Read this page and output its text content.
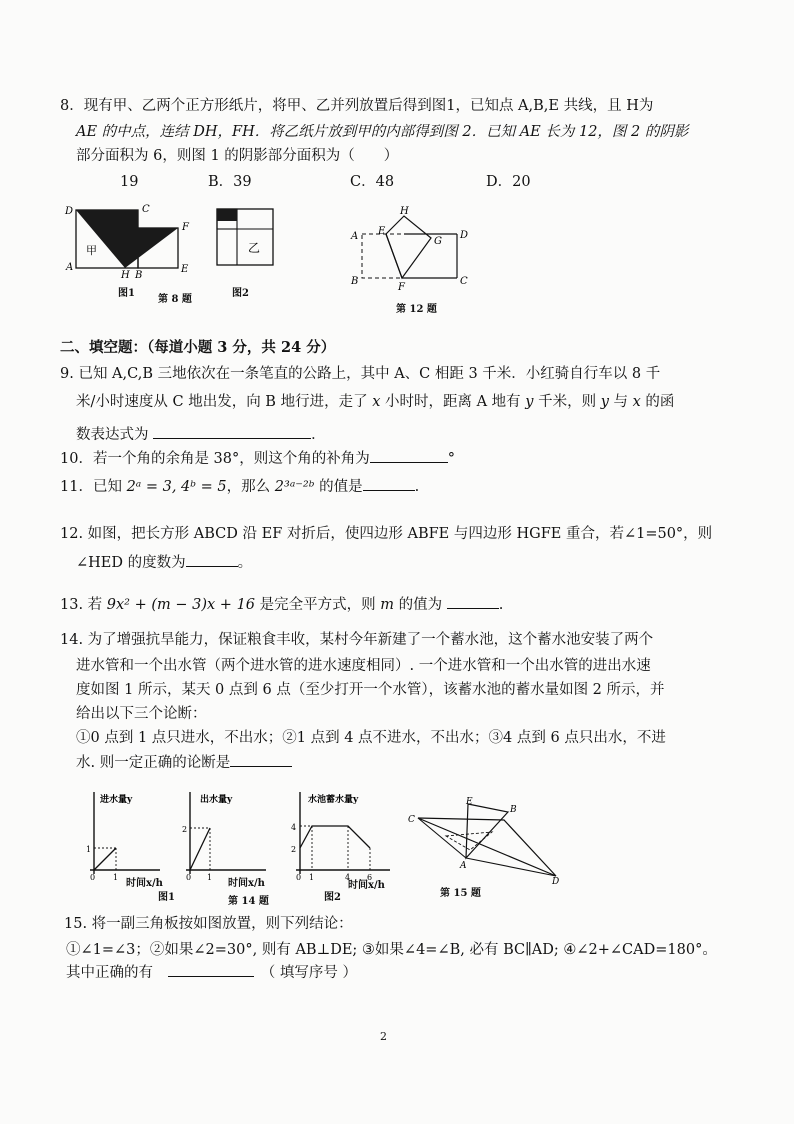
8．现有甲、乙两个正方形纸片，将甲、乙并列放置后得到图1，已知点 A,B,E 共线，且 H为
AE 的中点，连结 DH，FH．将乙纸片放到甲的内部得到图 2．已知 AE 长为 12，图 2 的阴影
部分面积为 6，则图 1 的阴影部分面积为（　　）
19	B．39	C．48	D．20
D	C
F
A
H B
E
甲
图1
第 8 题
乙
图2
H
E
A	G
D
B
F
C
第 12 题
二、填空题：（每道小题 3 分，共 24 分）
9. 已知 A,C,B 三地依次在一条笔直的公路上，其中 A、C 相距 3 千米．小红骑自行车以 8 千
米/小时速度从 C 地出发，向 B 地行进，走了 x 小时时，距离 A 地有 y 千米，则 y 与 x 的函
数表达式为	．
10．若一个角的余角是 38°，则这个角的补角为	°
11．已知 2ᵃ = 3, 4ᵇ = 5，那么 2³ᵃ⁻²ᵇ 的值是	.
12. 如图，把长方形 ABCD 沿 EF 对折后，使四边形 ABFE 与四边形 HGFE 重合，若∠1=50°，则
∠HED 的度数为	。
13. 若 9x² + (m − 3)x + 16 是完全平方式，则 m 的值为	.
14. 为了增强抗旱能力，保证粮食丰收，某村今年新建了一个蓄水池，这个蓄水池安装了两个
进水管和一个出水管（两个进水管的进水速度相同）. 一个进水管和一个出水管的进出水速
度如图 1 所示，某天 0 点到 6 点（至少打开一个水管），该蓄水池的蓄水量如图 2 所示，并
给出以下三个论断：
①0 点到 1 点只进水，不出水；②1 点到 4 点不进水，不出水；③4 点到 6 点只出水，不进
水. 则一定正确的论断是
进水量y
1
0 1
时间x/h
图1
出水量y
2
0 1
时间x/h
第 14 题
水池蓄水量y
4
2
0 1	4 6
时间x/h
图2
E
B
C
A
D
第 15 题
15. 将一副三角板按如图放置，则下列结论：
①∠1=∠3；②如果∠2=30°, 则有 AB⊥DE; ③如果∠4=∠B, 必有 BC∥AD; ④∠2+∠CAD=180°。
其中正确的有　　	（ 填写序号 ）
2
